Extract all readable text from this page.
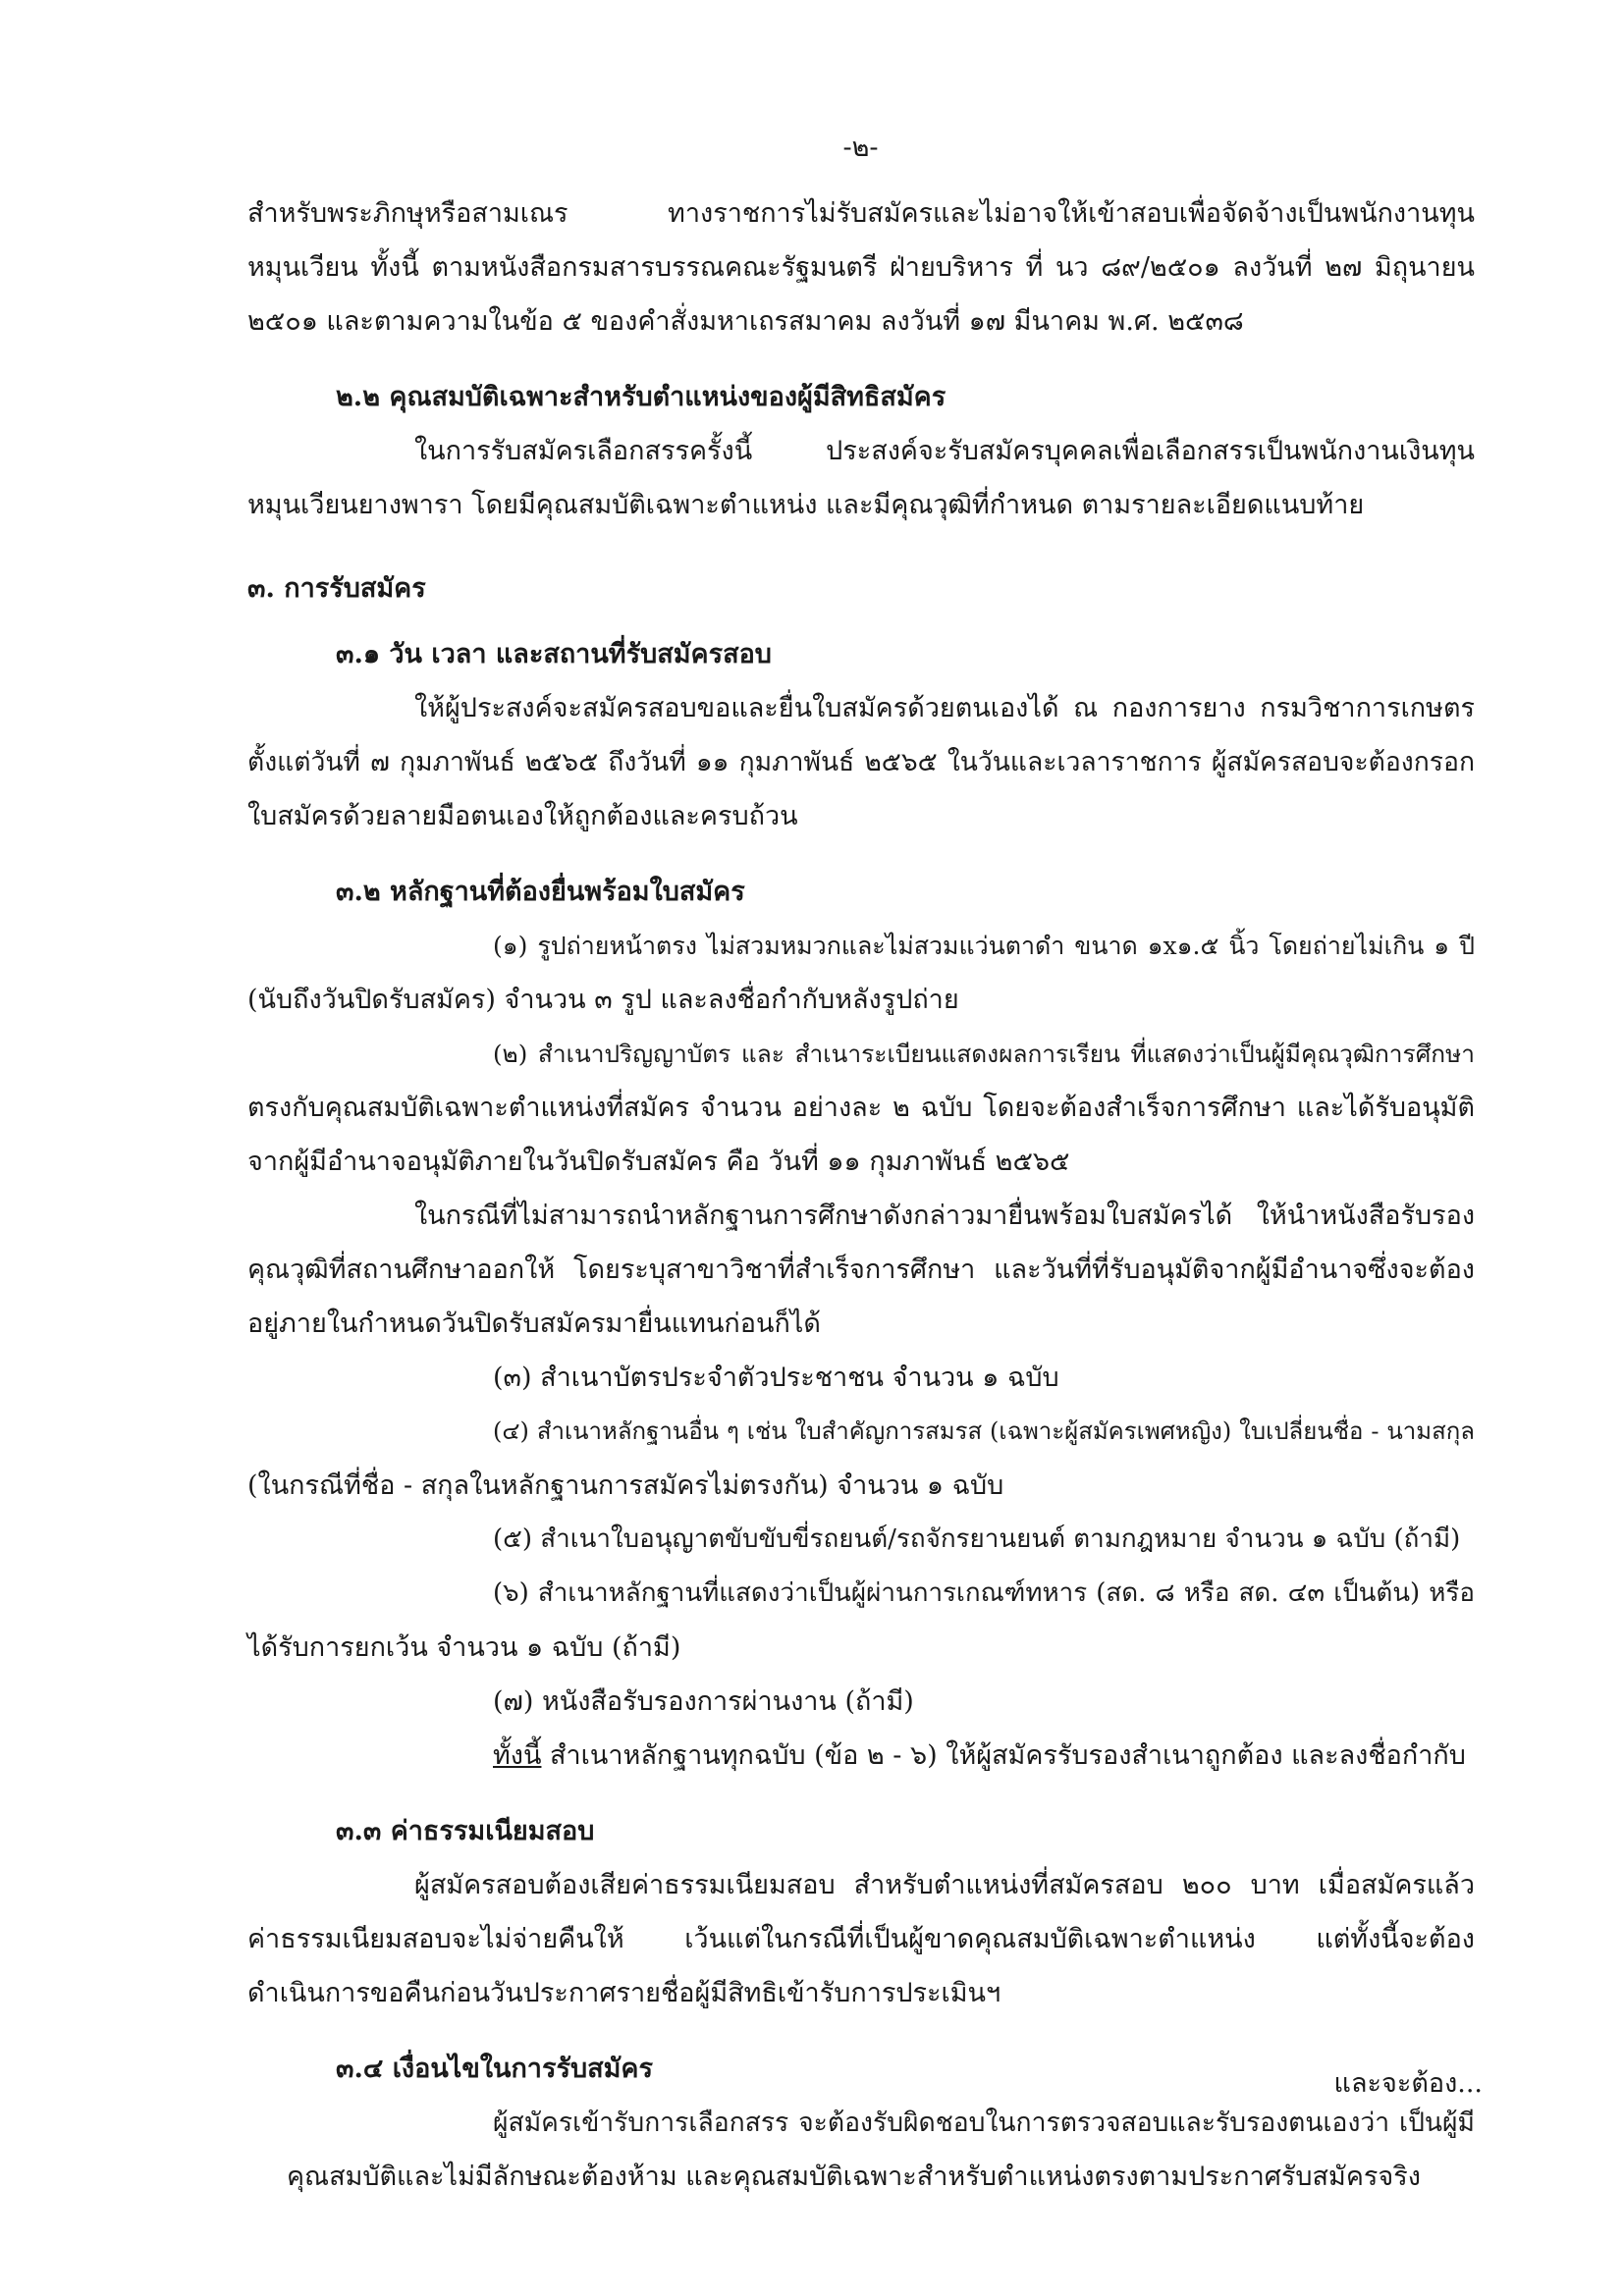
-๒-
สำหรับพระภิกษุหรือสามเณร ทางราชการไม่รับสมัครและไม่อาจให้เข้าสอบเพื่อจัดจ้างเป็นพนักงานทุน
หมุนเวียน ทั้งนี้ ตามหนังสือกรมสารบรรณคณะรัฐมนตรี ฝ่ายบริหาร ที่ นว ๘๙/๒๕๐๑ ลงวันที่ ๒๗ มิถุนายน
๒๕๐๑ และตามความในข้อ ๕ ของคำสั่งมหาเถรสมาคม ลงวันที่ ๑๗ มีนาคม พ.ศ. ๒๕๓๘
๒.๒ คุณสมบัติเฉพาะสำหรับตำแหน่งของผู้มีสิทธิสมัคร
ในการรับสมัครเลือกสรรครั้งนี้ ประสงค์จะรับสมัครบุคคลเพื่อเลือกสรรเป็นพนักงานเงินทุน
หมุนเวียนยางพารา โดยมีคุณสมบัติเฉพาะตำแหน่ง และมีคุณวุฒิที่กำหนด ตามรายละเอียดแนบท้าย
๓. การรับสมัคร
๓.๑ วัน เวลา และสถานที่รับสมัครสอบ
ให้ผู้ประสงค์จะสมัครสอบขอและยื่นใบสมัครด้วยตนเองได้ ณ กองการยาง กรมวิชาการเกษตร
ตั้งแต่วันที่ ๗ กุมภาพันธ์ ๒๕๖๕ ถึงวันที่ ๑๑ กุมภาพันธ์ ๒๕๖๕ ในวันและเวลาราชการ ผู้สมัครสอบจะต้องกรอก
ใบสมัครด้วยลายมือตนเองให้ถูกต้องและครบถ้วน
๓.๒ หลักฐานที่ต้องยื่นพร้อมใบสมัคร
(๑) รูปถ่ายหน้าตรง ไม่สวมหมวกและไม่สวมแว่นตาดำ ขนาด ๑x๑.๕ นิ้ว โดยถ่ายไม่เกิน ๑ ปี
(นับถึงวันปิดรับสมัคร) จำนวน ๓ รูป และลงชื่อกำกับหลังรูปถ่าย
(๒) สำเนาปริญญาบัตร และ สำเนาระเบียนแสดงผลการเรียน ที่แสดงว่าเป็นผู้มีคุณวุฒิการศึกษา
ตรงกับคุณสมบัติเฉพาะตำแหน่งที่สมัคร จำนวน อย่างละ ๒ ฉบับ โดยจะต้องสำเร็จการศึกษา และได้รับอนุมัติ
จากผู้มีอำนาจอนุมัติภายในวันปิดรับสมัคร คือ วันที่ ๑๑ กุมภาพันธ์ ๒๕๖๕
ในกรณีที่ไม่สามารถนำหลักฐานการศึกษาดังกล่าวมายื่นพร้อมใบสมัครได้ ให้นำหนังสือรับรอง
คุณวุฒิที่สถานศึกษาออกให้ โดยระบุสาขาวิชาที่สำเร็จการศึกษา และวันที่ที่รับอนุมัติจากผู้มีอำนาจซึ่งจะต้อง
อยู่ภายในกำหนดวันปิดรับสมัครมายื่นแทนก่อนก็ได้
(๓) สำเนาบัตรประจำตัวประชาชน จำนวน ๑ ฉบับ
(๔) สำเนาหลักฐานอื่น ๆ เช่น ใบสำคัญการสมรส (เฉพาะผู้สมัครเพศหญิง) ใบเปลี่ยนชื่อ - นามสกุล
(ในกรณีที่ชื่อ - สกุลในหลักฐานการสมัครไม่ตรงกัน) จำนวน ๑ ฉบับ
(๕) สำเนาใบอนุญาตขับขับขี่รถยนต์/รถจักรยานยนต์ ตามกฎหมาย จำนวน ๑ ฉบับ (ถ้ามี)
(๖) สำเนาหลักฐานที่แสดงว่าเป็นผู้ผ่านการเกณฑ์ทหาร (สด. ๘ หรือ สด. ๔๓ เป็นต้น) หรือ
ได้รับการยกเว้น จำนวน ๑ ฉบับ (ถ้ามี)
(๗) หนังสือรับรองการผ่านงาน (ถ้ามี)
ทั้งนี้ สำเนาหลักฐานทุกฉบับ (ข้อ ๒ - ๖) ให้ผู้สมัครรับรองสำเนาถูกต้อง และลงชื่อกำกับ
๓.๓ ค่าธรรมเนียมสอบ
ผู้สมัครสอบต้องเสียค่าธรรมเนียมสอบ สำหรับตำแหน่งที่สมัครสอบ ๒๐๐ บาท เมื่อสมัครแล้ว
ค่าธรรมเนียมสอบจะไม่จ่ายคืนให้ เว้นแต่ในกรณีที่เป็นผู้ขาดคุณสมบัติเฉพาะตำแหน่ง แต่ทั้งนี้จะต้อง
ดำเนินการขอคืนก่อนวันประกาศรายชื่อผู้มีสิทธิเข้ารับการประเมินฯ
๓.๔ เงื่อนไขในการรับสมัคร
ผู้สมัครเข้ารับการเลือกสรร จะต้องรับผิดชอบในการตรวจสอบและรับรองตนเองว่า เป็นผู้มี
คุณสมบัติและไม่มีลักษณะต้องห้าม และคุณสมบัติเฉพาะสำหรับตำแหน่งตรงตามประกาศรับสมัครจริง
และจะต้อง...
